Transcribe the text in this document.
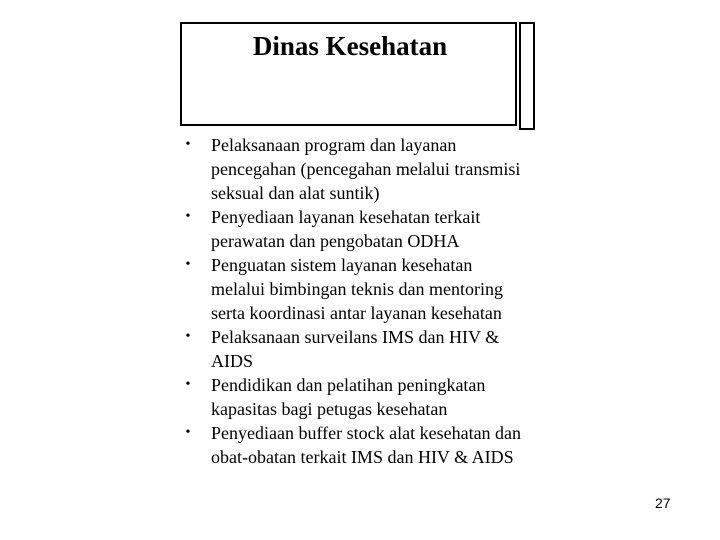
Dinas Kesehatan
• Pelaksanaan program dan layanan pencegahan (pencegahan melalui transmisi seksual dan alat suntik)
• Penyediaan layanan kesehatan terkait perawatan dan pengobatan ODHA
• Penguatan sistem layanan kesehatan melalui bimbingan teknis dan mentoring serta koordinasi antar layanan kesehatan
• Pelaksanaan surveilans IMS dan HIV & AIDS
• Pendidikan dan pelatihan peningkatan kapasitas bagi petugas kesehatan
• Penyediaan buffer stock alat kesehatan dan obat-obatan terkait IMS dan HIV & AIDS
27
